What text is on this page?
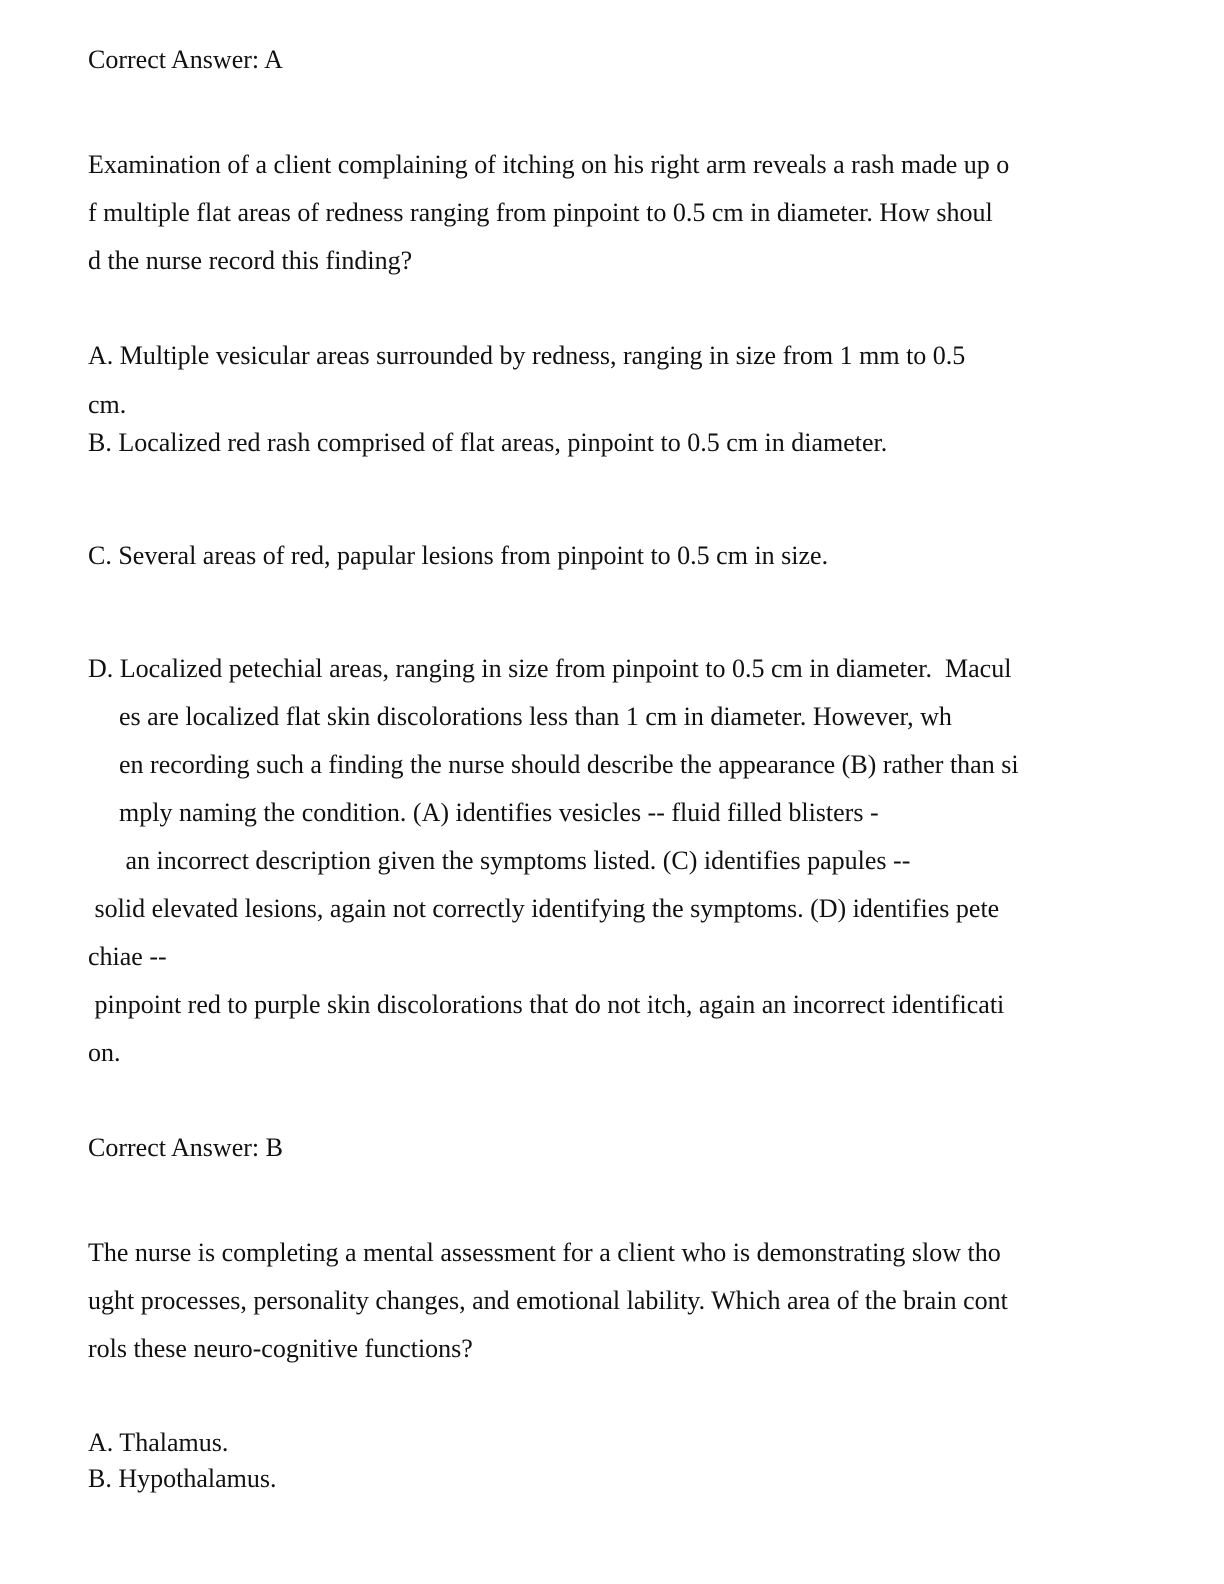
Correct Answer: A
Examination of a client complaining of itching on his right arm reveals a rash made up o
f multiple flat areas of redness ranging from pinpoint to 0.5 cm in diameter. How shoul
d the nurse record this finding?
A. Multiple vesicular areas surrounded by redness, ranging in size from 1 mm to 0.5
cm.
B. Localized red rash comprised of flat areas, pinpoint to 0.5 cm in diameter.
C. Several areas of red, papular lesions from pinpoint to 0.5 cm in size.
D. Localized petechial areas, ranging in size from pinpoint to 0.5 cm in diameter.  Macul
es are localized flat skin discolorations less than 1 cm in diameter. However, wh
en recording such a finding the nurse should describe the appearance (B) rather than si
mply naming the condition. (A) identifies vesicles -- fluid filled blisters -
an incorrect description given the symptoms listed. (C) identifies papules --
solid elevated lesions, again not correctly identifying the symptoms. (D) identifies pete
chiae --
pinpoint red to purple skin discolorations that do not itch, again an incorrect identificati
on.
Correct Answer: B
The nurse is completing a mental assessment for a client who is demonstrating slow tho
ught processes, personality changes, and emotional lability. Which area of the brain cont
rols these neuro-cognitive functions?
A. Thalamus.
B. Hypothalamus.
